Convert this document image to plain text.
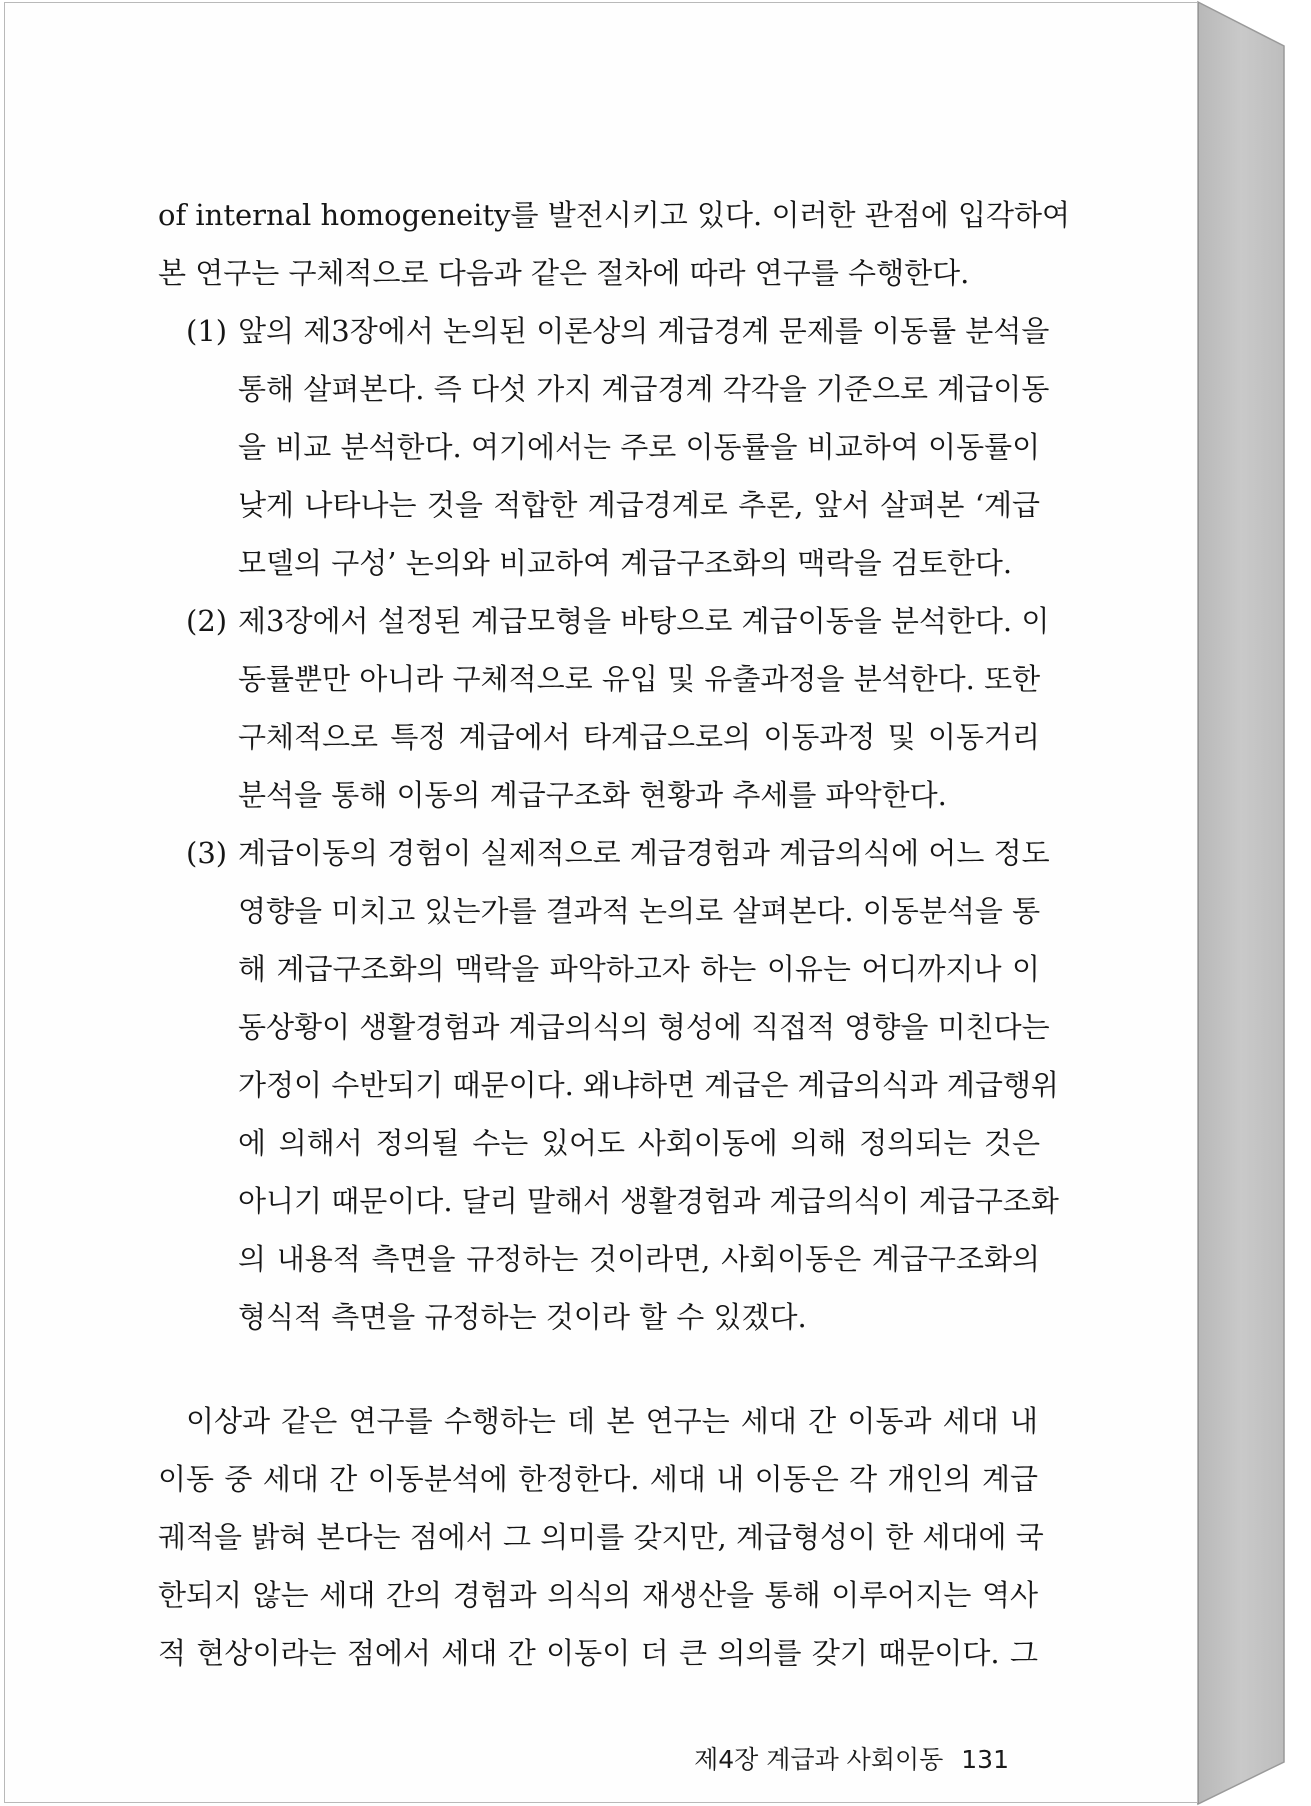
of internal homogeneity를 발전시키고 있다. 이러한 관점에 입각하여
본 연구는 구체적으로 다음과 같은 절차에 따라 연구를 수행한다.
(1) 앞의 제3장에서 논의된 이론상의 계급경계 문제를 이동률 분석을
통해 살펴본다. 즉 다섯 가지 계급경계 각각을 기준으로 계급이동
을 비교 분석한다. 여기에서는 주로 이동률을 비교하여 이동률이
낮게 나타나는 것을 적합한 계급경계로 추론, 앞서 살펴본 ‘계급
모델의 구성’ 논의와 비교하여 계급구조화의 맥락을 검토한다.
(2) 제3장에서 설정된 계급모형을 바탕으로 계급이동을 분석한다. 이
동률뿐만 아니라 구체적으로 유입 및 유출과정을 분석한다. 또한
구체적으로 특정 계급에서 타계급으로의 이동과정 및 이동거리
분석을 통해 이동의 계급구조화 현황과 추세를 파악한다.
(3) 계급이동의 경험이 실제적으로 계급경험과 계급의식에 어느 정도
영향을 미치고 있는가를 결과적 논의로 살펴본다. 이동분석을 통
해 계급구조화의 맥락을 파악하고자 하는 이유는 어디까지나 이
동상황이 생활경험과 계급의식의 형성에 직접적 영향을 미친다는
가정이 수반되기 때문이다. 왜냐하면 계급은 계급의식과 계급행위
에 의해서 정의될 수는 있어도 사회이동에 의해 정의되는 것은
아니기 때문이다. 달리 말해서 생활경험과 계급의식이 계급구조화
의 내용적 측면을 규정하는 것이라면, 사회이동은 계급구조화의
형식적 측면을 규정하는 것이라 할 수 있겠다.
이상과 같은 연구를 수행하는 데 본 연구는 세대 간 이동과 세대 내
이동 중 세대 간 이동분석에 한정한다. 세대 내 이동은 각 개인의 계급
궤적을 밝혀 본다는 점에서 그 의미를 갖지만, 계급형성이 한 세대에 국
한되지 않는 세대 간의 경험과 의식의 재생산을 통해 이루어지는 역사
적 현상이라는 점에서 세대 간 이동이 더 큰 의의를 갖기 때문이다. 그
제4장 계급과 사회이동 131
